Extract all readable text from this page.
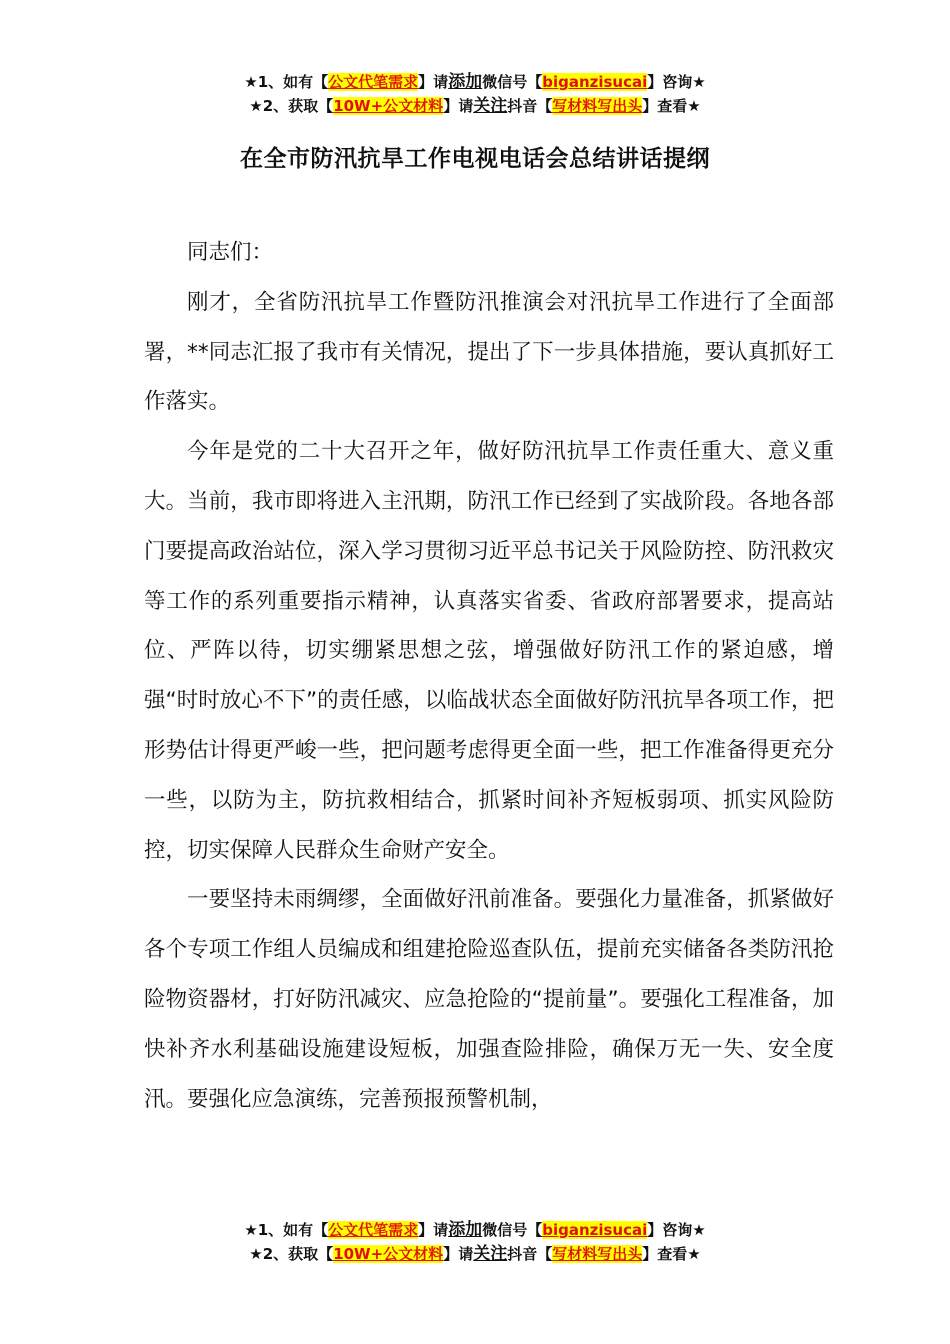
★1、如有【公文代笔需求】请添加微信号【biganzisucai】咨询★
★2、获取【10W+公文材料】请关注抖音【写材料写出头】查看★
在全市防汛抗旱工作电视电话会总结讲话提纲

同志们：

刚才，全省防汛抗旱工作暨防汛推演会对汛抗旱工作进行了全面部署，**同志汇报了我市有关情况，提出了下一步具体措施，要认真抓好工作落实。

今年是党的二十大召开之年，做好防汛抗旱工作责任重大、意义重大。当前，我市即将进入主汛期，防汛工作已经到了实战阶段。各地各部门要提高政治站位，深入学习贯彻习近平总书记关于风险防控、防汛救灾等工作的系列重要指示精神，认真落实省委、省政府部署要求，提高站位、严阵以待，切实绷紧思想之弦，增强做好防汛工作的紧迫感，增强“时时放心不下”的责任感，以临战状态全面做好防汛抗旱各项工作，把形势估计得更严峻一些，把问题考虑得更全面一些，把工作准备得更充分一些，以防为主，防抗救相结合，抓紧时间补齐短板弱项、抓实风险防控，切实保障人民群众生命财产安全。

一要坚持未雨绸缪，全面做好汛前准备。要强化力量准备，抓紧做好各个专项工作组人员编成和组建抢险巡查队伍，提前充实储备各类防汛抢险物资器材，打好防汛减灾、应急抢险的“提前量”。要强化工程准备，加快补齐水利基础设施建设短板，加强查险排险，确保万无一失、安全度汛。要强化应急演练，完善预报预警机制，

★1、如有【公文代笔需求】请添加微信号【biganzisucai】咨询★
★2、获取【10W+公文材料】请关注抖音【写材料写出头】查看★
